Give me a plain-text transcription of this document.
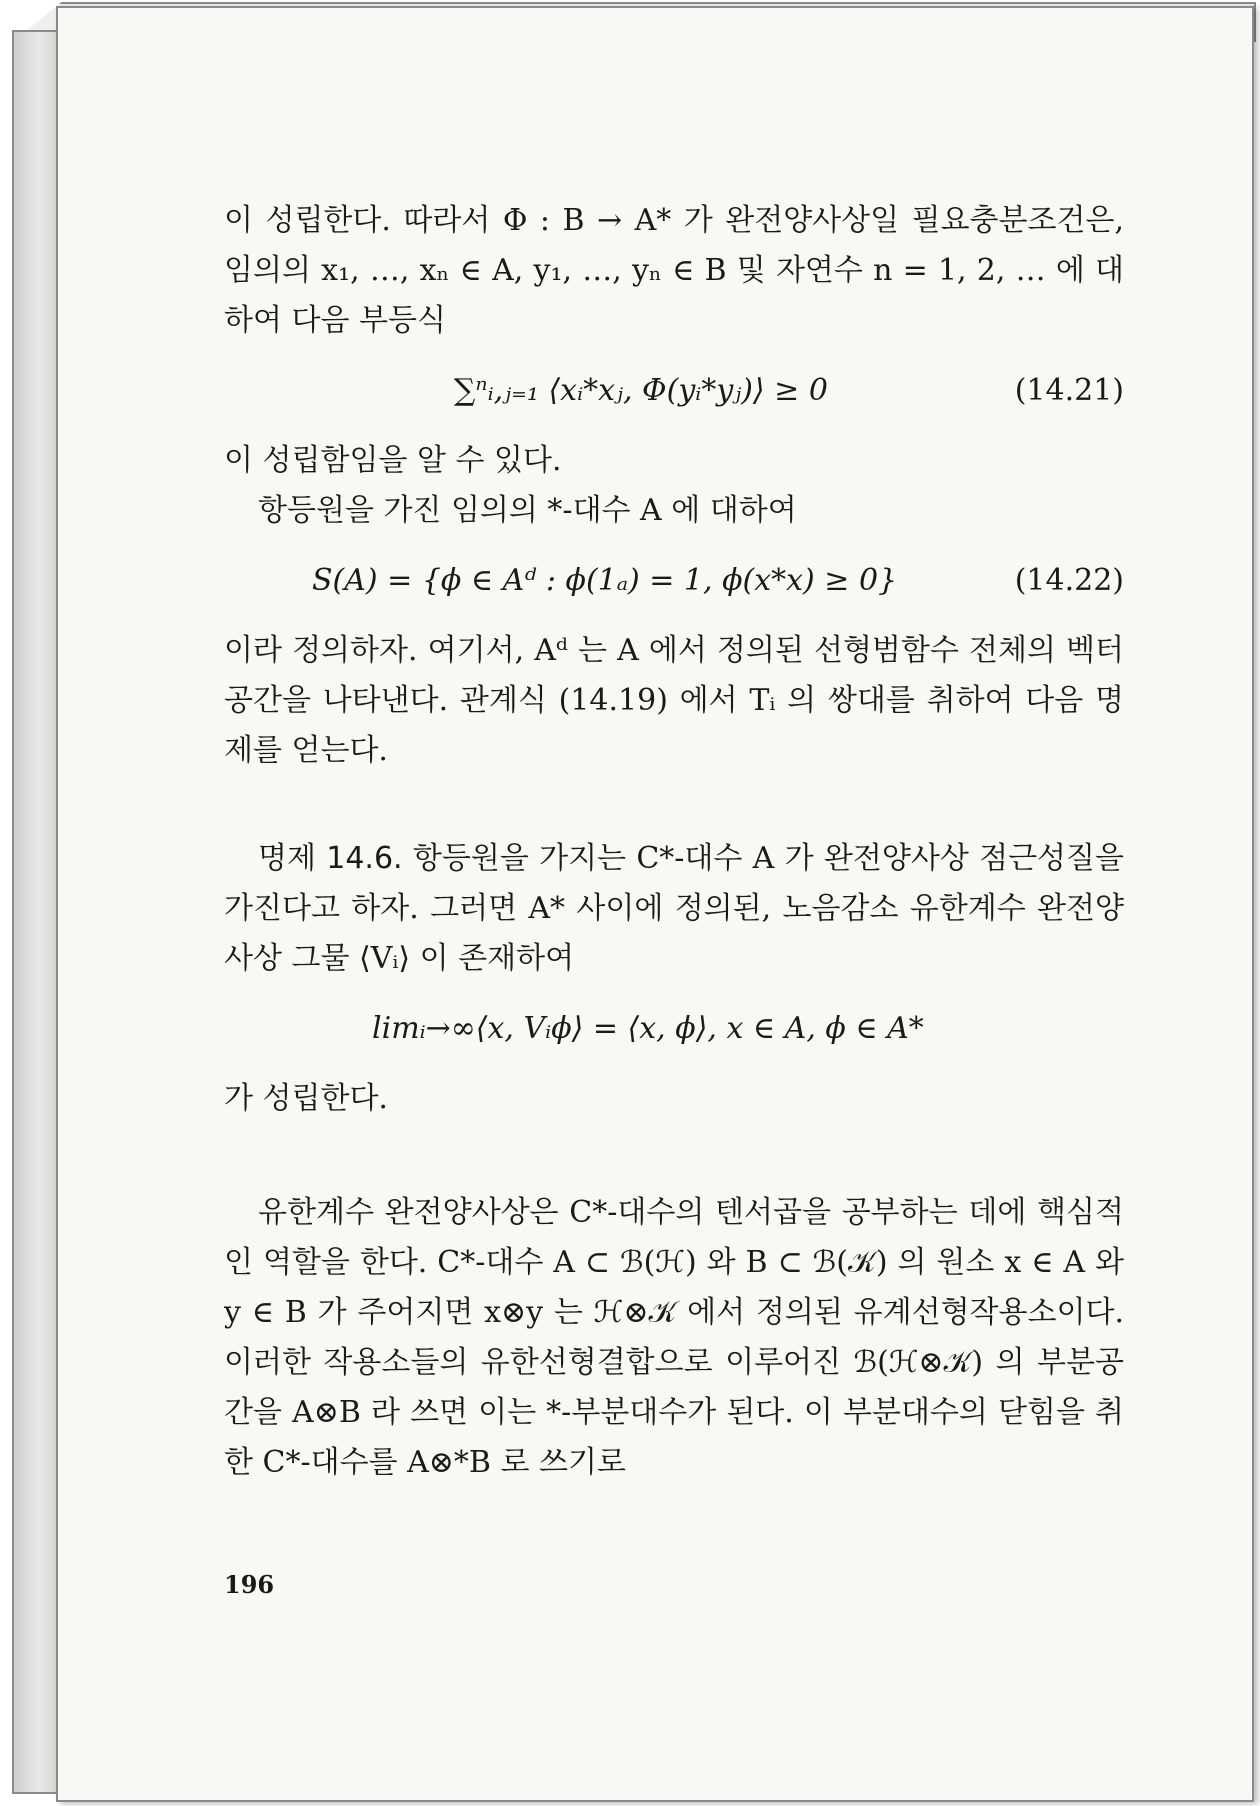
이 성립한다. 따라서 Φ : B → A* 가 완전양사상일 필요충분조건은, 임의의 x₁, …, xₙ ∈ A, y₁, …, yₙ ∈ B 및 자연수 n = 1, 2, … 에 대하여 다음 부등식

∑ⁿᵢ,ⱼ₌₁ ⟨xᵢ*xⱼ, Φ(yᵢ*yⱼ)⟩ ≥ 0	(14.21)

이 성립함임을 알 수 있다.

항등원을 가진 임의의 *-대수 A 에 대하여

S(A) = {ϕ ∈ Aᵈ : ϕ(1ₐ) = 1, ϕ(x*x) ≥ 0}	(14.22)

이라 정의하자. 여기서, Aᵈ 는 A 에서 정의된 선형범함수 전체의 벡터공간을 나타낸다. 관계식 (14.19) 에서 Tᵢ 의 쌍대를 취하여 다음 명제를 얻는다.

명제 14.6. 항등원을 가지는 C*-대수 A 가 완전양사상 점근성질을 가진다고 하자. 그러면 A* 사이에 정의된, 노음감소 유한계수 완전양사상 그물 ⟨Vᵢ⟩ 이 존재하여

limᵢ→∞⟨x, Vᵢϕ⟩ = ⟨x, ϕ⟩, x ∈ A, ϕ ∈ A*

가 성립한다.

유한계수 완전양사상은 C*-대수의 텐서곱을 공부하는 데에 핵심적인 역할을 한다. C*-대수 A ⊂ ℬ(ℋ) 와 B ⊂ ℬ(𝒦) 의 원소 x ∈ A 와 y ∈ B 가 주어지면 x⊗y 는 ℋ⊗𝒦 에서 정의된 유계선형작용소이다. 이러한 작용소들의 유한선형결합으로 이루어진 ℬ(ℋ⊗𝒦) 의 부분공간을 A⊗B 라 쓰면 이는 *-부분대수가 된다. 이 부분대수의 닫힘을 취한 C*-대수를 A⊗*B 로 쓰기로

196
